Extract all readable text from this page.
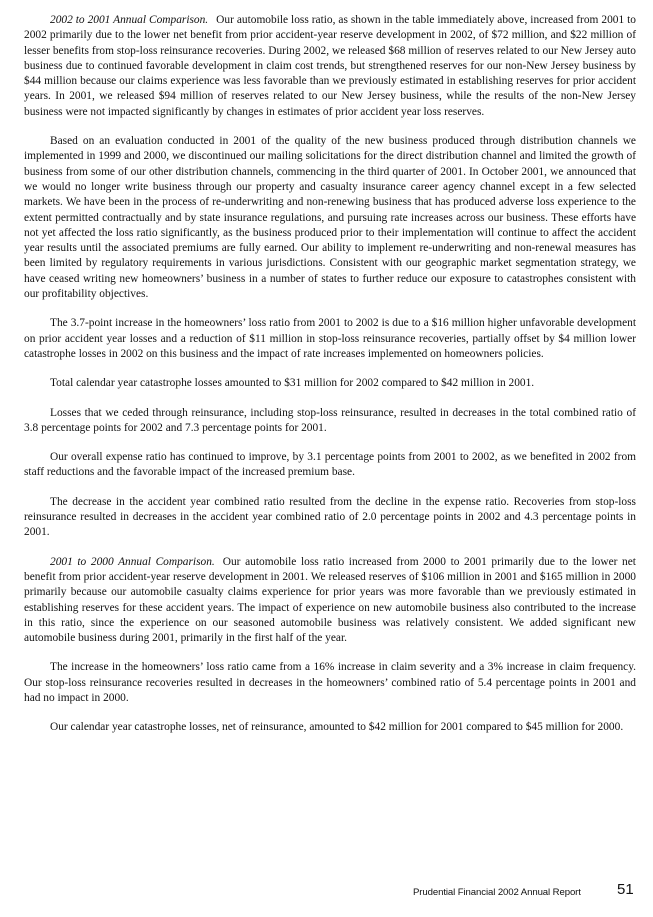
2002 to 2001 Annual Comparison. Our automobile loss ratio, as shown in the table immediately above, increased from 2001 to 2002 primarily due to the lower net benefit from prior accident-year reserve development in 2002, of $72 million, and $22 million of lesser benefits from stop-loss reinsurance recoveries. During 2002, we released $68 million of reserves related to our New Jersey auto business due to continued favorable development in claim cost trends, but strengthened reserves for our non-New Jersey business by $44 million because our claims experience was less favorable than we previously estimated in establishing reserves for prior accident years. In 2001, we released $94 million of reserves related to our New Jersey business, while the results of the non-New Jersey business were not impacted significantly by changes in estimates of prior accident year loss reserves.

Based on an evaluation conducted in 2001 of the quality of the new business produced through distribution channels we implemented in 1999 and 2000, we discontinued our mailing solicitations for the direct distribution channel and limited the growth of business from some of our other distribution channels, commencing in the third quarter of 2001. In October 2001, we announced that we would no longer write business through our property and casualty insurance career agency channel except in a few selected markets. We have been in the process of re-underwriting and non-renewing business that has produced adverse loss experience to the extent permitted contractually and by state insurance regulations, and pursuing rate increases across our business. These efforts have not yet affected the loss ratio significantly, as the business produced prior to their implementation will continue to affect the accident year results until the associated premiums are fully earned. Our ability to implement re-underwriting and non-renewal measures has been limited by regulatory requirements in various jurisdictions. Consistent with our geographic market segmentation strategy, we have ceased writing new homeowners’ business in a number of states to further reduce our exposure to catastrophes consistent with our profitability objectives.

The 3.7-point increase in the homeowners’ loss ratio from 2001 to 2002 is due to a $16 million higher unfavorable development on prior accident year losses and a reduction of $11 million in stop-loss reinsurance recoveries, partially offset by $4 million lower catastrophe losses in 2002 on this business and the impact of rate increases implemented on homeowners policies.

Total calendar year catastrophe losses amounted to $31 million for 2002 compared to $42 million in 2001.

Losses that we ceded through reinsurance, including stop-loss reinsurance, resulted in decreases in the total combined ratio of 3.8 percentage points for 2002 and 7.3 percentage points for 2001.

Our overall expense ratio has continued to improve, by 3.1 percentage points from 2001 to 2002, as we benefited in 2002 from staff reductions and the favorable impact of the increased premium base.

The decrease in the accident year combined ratio resulted from the decline in the expense ratio. Recoveries from stop-loss reinsurance resulted in decreases in the accident year combined ratio of 2.0 percentage points in 2002 and 4.3 percentage points in 2001.

2001 to 2000 Annual Comparison. Our automobile loss ratio increased from 2000 to 2001 primarily due to the lower net benefit from prior accident-year reserve development in 2001. We released reserves of $106 million in 2001 and $165 million in 2000 primarily because our automobile casualty claims experience for prior years was more favorable than we previously estimated in establishing reserves for these accident years. The impact of experience on new automobile business also contributed to the increase in this ratio, since the experience on our seasoned automobile business was relatively consistent. We added significant new automobile business during 2001, primarily in the first half of the year.

The increase in the homeowners’ loss ratio came from a 16% increase in claim severity and a 3% increase in claim frequency. Our stop-loss reinsurance recoveries resulted in decreases in the homeowners’ combined ratio of 5.4 percentage points in 2001 and had no impact in 2000.

Our calendar year catastrophe losses, net of reinsurance, amounted to $42 million for 2001 compared to $45 million for 2000.

Prudential Financial 2002 Annual Report 51
